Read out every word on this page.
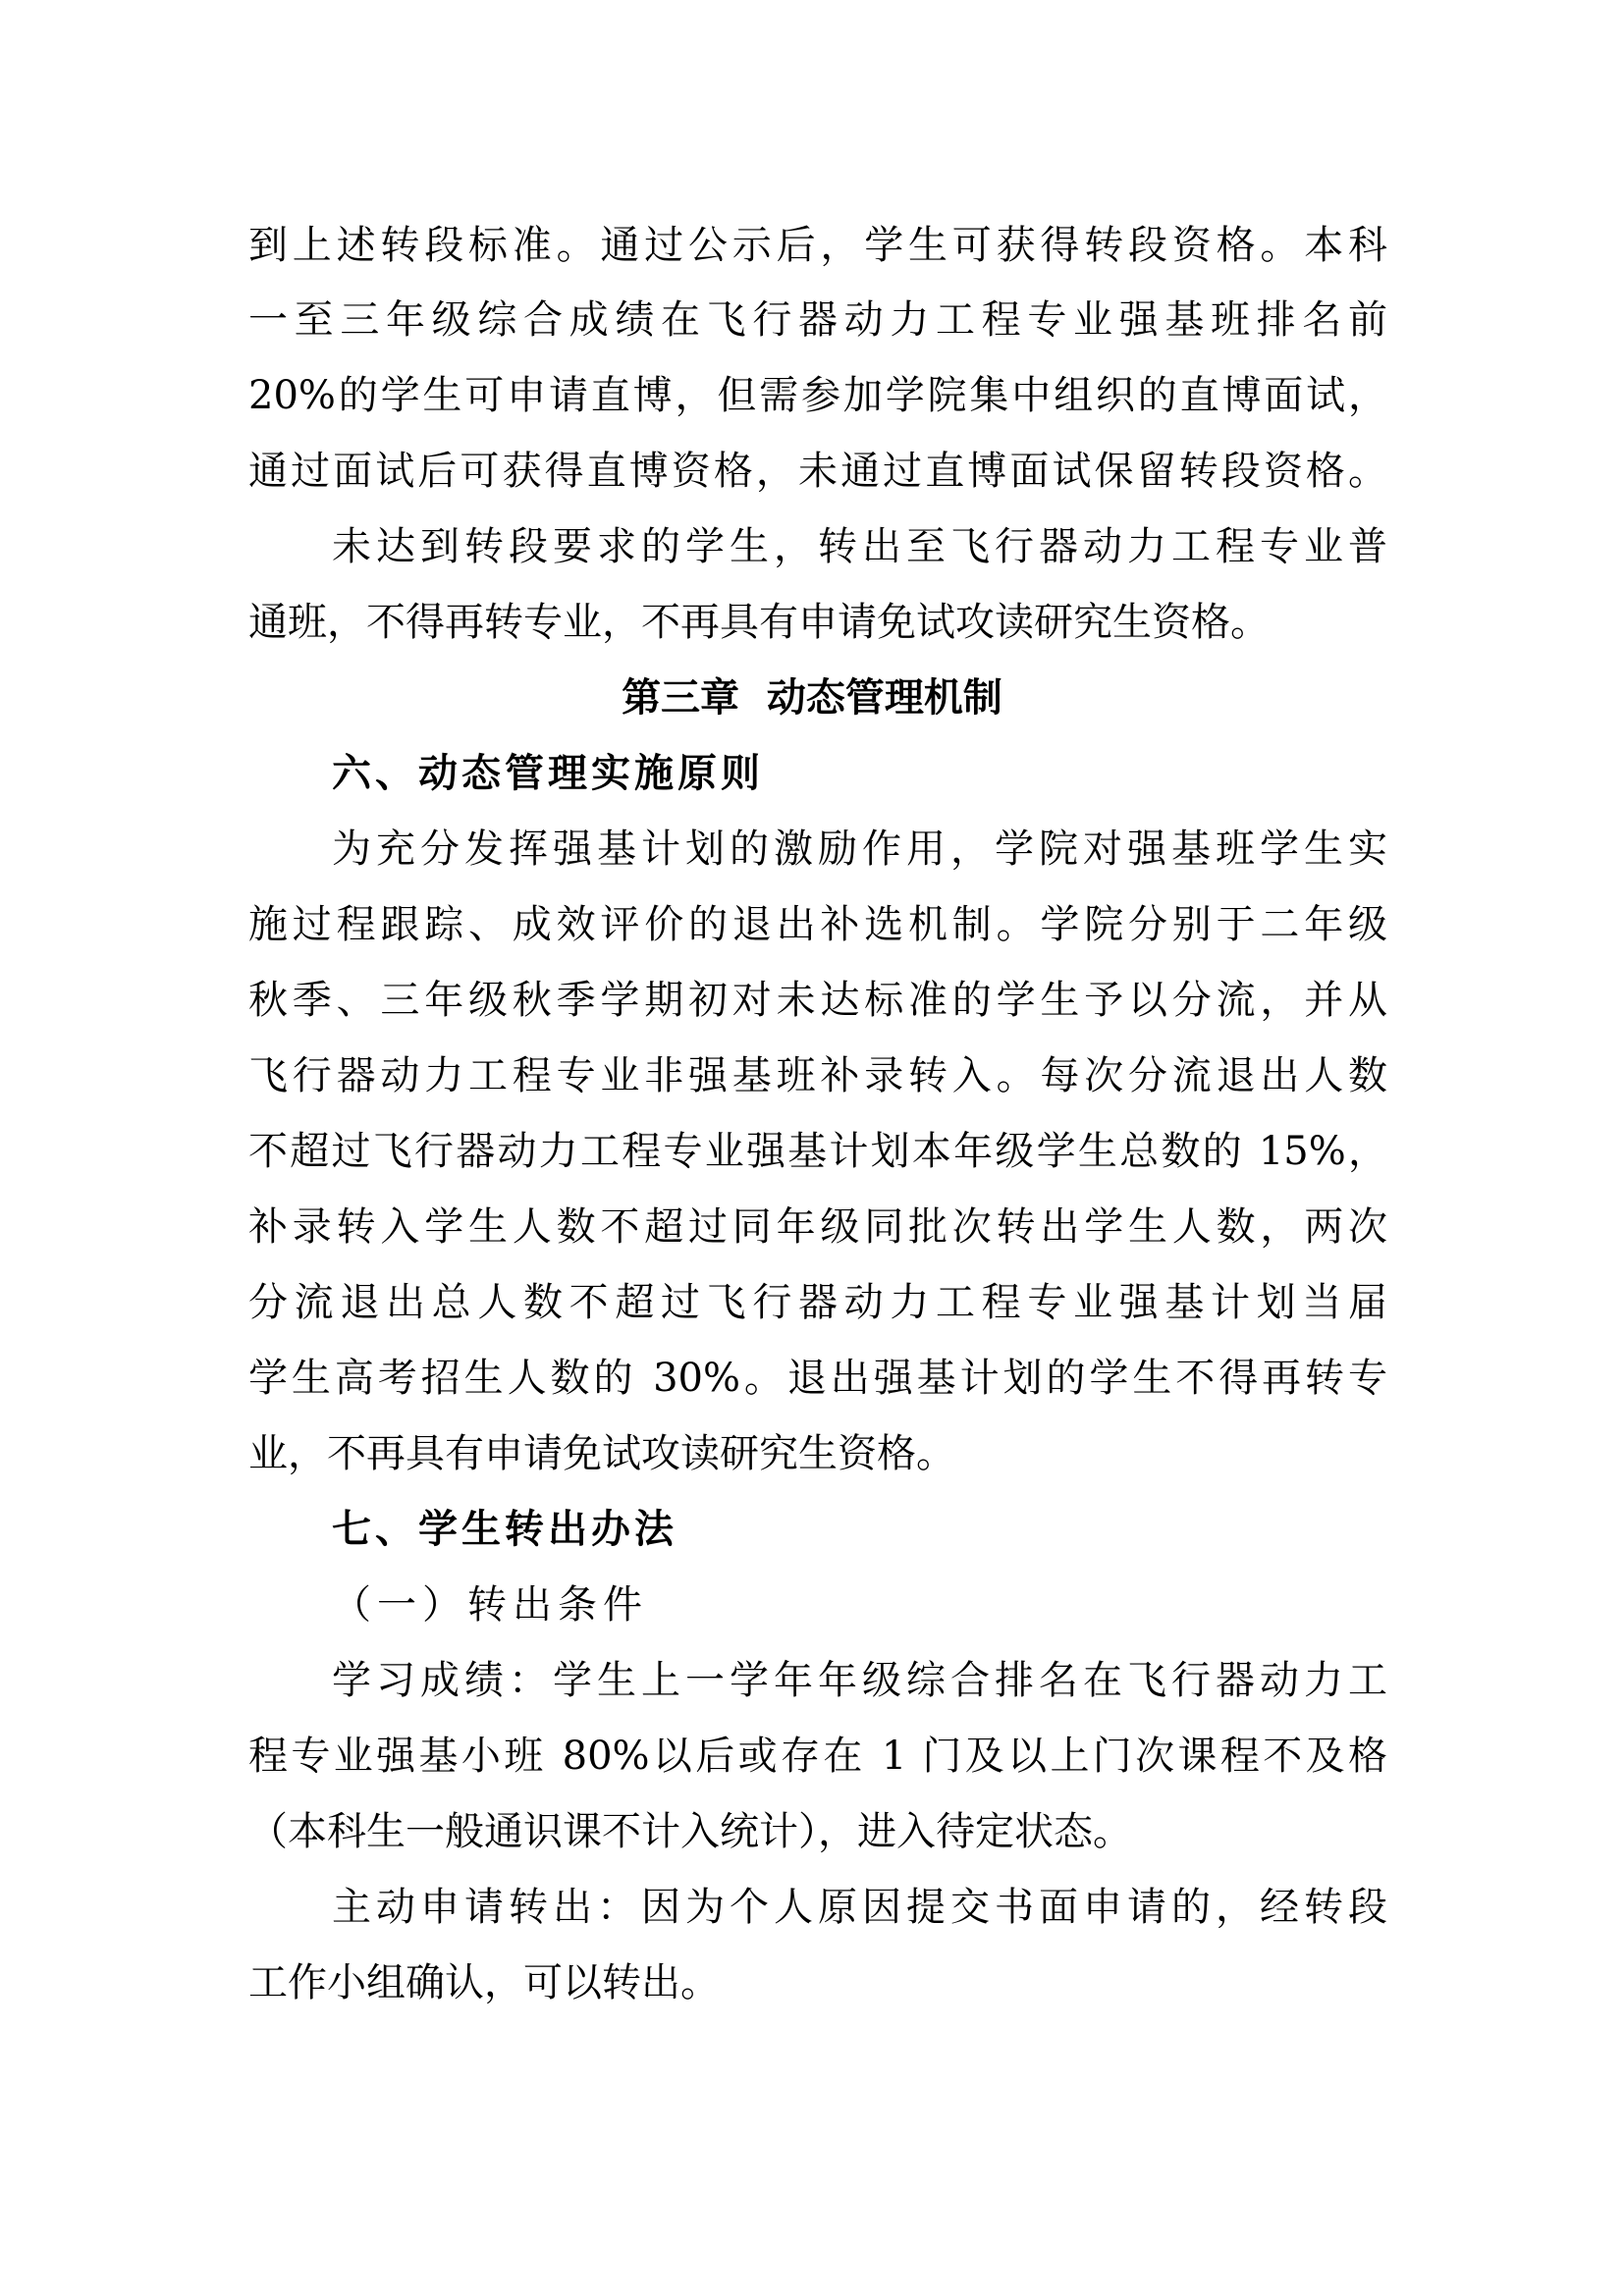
到上述转段标准。通过公示后，学生可获得转段资格。本科
一至三年级综合成绩在飞行器动力工程专业强基班排名前
20%的学生可申请直博，但需参加学院集中组织的直博面试，
通过面试后可获得直博资格，未通过直博面试保留转段资格。
未达到转段要求的学生，转出至飞行器动力工程专业普
通班，不得再转专业，不再具有申请免试攻读研究生资格。
第三章  动态管理机制
六、动态管理实施原则
为充分发挥强基计划的激励作用，学院对强基班学生实
施过程跟踪、成效评价的退出补选机制。学院分别于二年级
秋季、三年级秋季学期初对未达标准的学生予以分流，并从
飞行器动力工程专业非强基班补录转入。每次分流退出人数
不超过飞行器动力工程专业强基计划本年级学生总数的 15%，
补录转入学生人数不超过同年级同批次转出学生人数，两次
分流退出总人数不超过飞行器动力工程专业强基计划当届
学生高考招生人数的 30%。退出强基计划的学生不得再转专
业，不再具有申请免试攻读研究生资格。
七、学生转出办法
（一）转出条件
学习成绩：学生上一学年年级综合排名在飞行器动力工
程专业强基小班 80%以后或存在 1 门及以上门次课程不及格
（本科生一般通识课不计入统计），进入待定状态。
主动申请转出：因为个人原因提交书面申请的，经转段
工作小组确认，可以转出。
